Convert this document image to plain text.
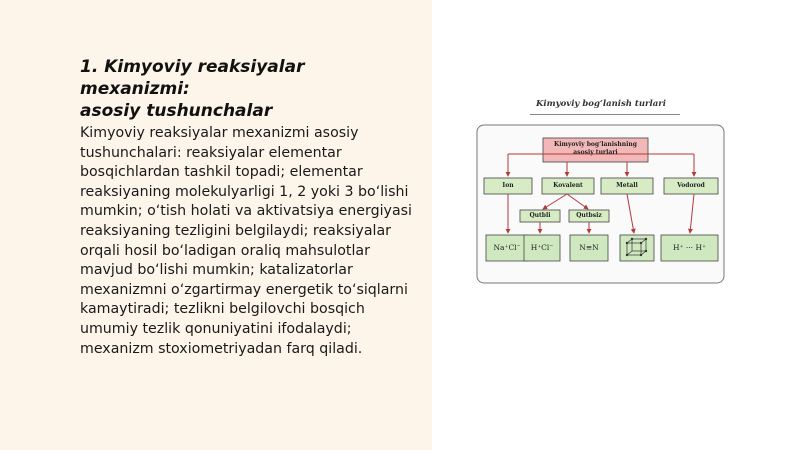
1. Kimyoviy reaksiyalar mexanizmi:
asosiy tushunchalar

Kimyoviy reaksiyalar mexanizmi asosiy tushunchalari: reaksiyalar elementar bosqichlardan tashkil topadi; elementar reaksiyaning molekulyarligi 1, 2 yoki 3 bo‘lishi mumkin; o‘tish holati va aktivatsiya energiyasi reaksiyaning tezligini belgilaydi; reaksiyalar orqali hosil bo‘ladigan oraliq mahsulotlar mavjud bo‘lishi mumkin; katalizatorlar mexanizmni o‘zgartirmay energetik to‘siqlarni kamaytiradi; tezlikni belgilovchi bosqich umumiy tezlik qonuniyatini ifodalaydi; mexanizm stoxiometriyadan farq qiladi.

Kimyoviy bog‘lanish turlari
Kimyoviy bog‘lanishning
asosiy turlari
Ion	Kovalent	Metall	Vodorod
Qutbli	Qutbsiz
Na⁺Cl⁻	H⁺Cl⁻	N≡N	H⁺ ··· H⁺
